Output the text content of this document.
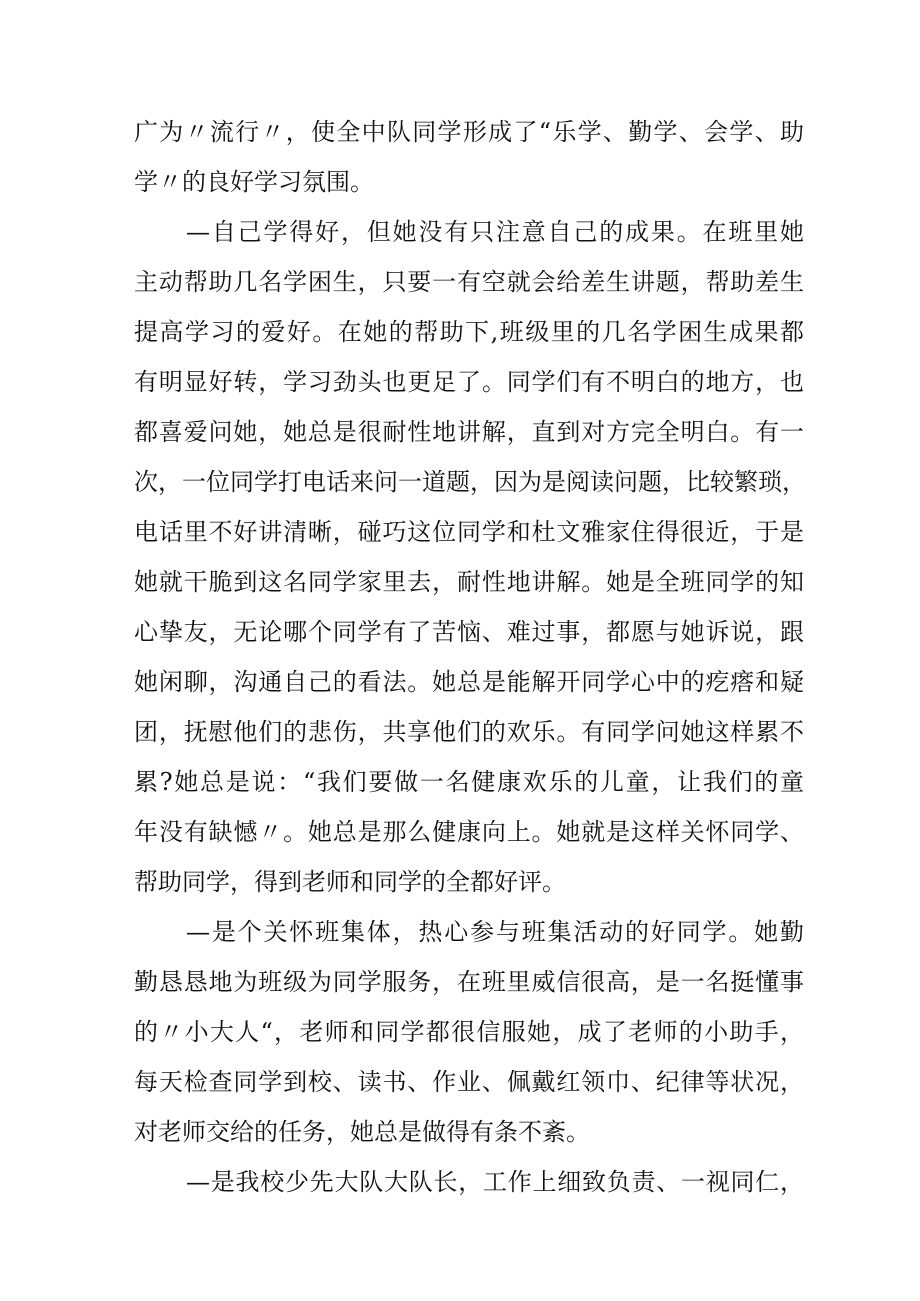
广为〃流行〃，使全中队同学形成了“乐学、勤学、会学、助
学〃的良好学习氛围。
—自己学得好，但她没有只注意自己的成果。在班里她
主动帮助几名学困生，只要一有空就会给差生讲题，帮助差生
提高学习的爱好。在她的帮助下,班级里的几名学困生成果都
有明显好转，学习劲头也更足了。同学们有不明白的地方，也
都喜爱问她，她总是很耐性地讲解，直到对方完全明白。有一
次，一位同学打电话来问一道题，因为是阅读问题，比较繁琐，
电话里不好讲清晰，碰巧这位同学和杜文雅家住得很近，于是
她就干脆到这名同学家里去，耐性地讲解。她是全班同学的知
心挚友，无论哪个同学有了苦恼、难过事，都愿与她诉说，跟
她闲聊，沟通自己的看法。她总是能解开同学心中的疙瘩和疑
团，抚慰他们的悲伤，共享他们的欢乐。有同学问她这样累不
累?她总是说：“我们要做一名健康欢乐的儿童，让我们的童
年没有缺憾〃。她总是那么健康向上。她就是这样关怀同学、
帮助同学，得到老师和同学的全都好评。
—是个关怀班集体，热心参与班集活动的好同学。她勤
勤恳恳地为班级为同学服务，在班里威信很高，是一名挺懂事
的〃小大人“，老师和同学都很信服她，成了老师的小助手，
每天检查同学到校、读书、作业、佩戴红领巾、纪律等状况，
对老师交给的任务，她总是做得有条不紊。
—是我校少先大队大队长，工作上细致负责、一视同仁，
